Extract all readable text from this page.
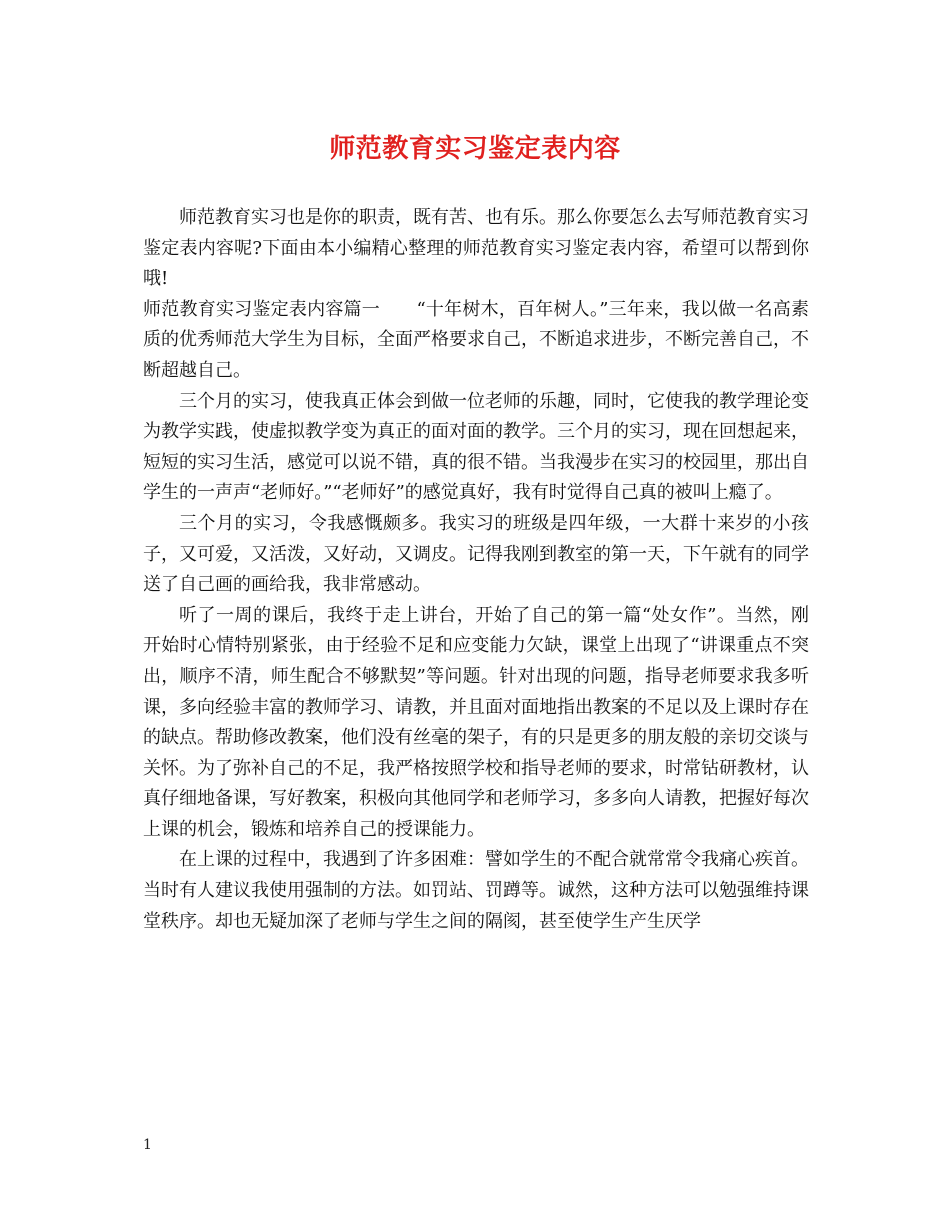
师范教育实习鉴定表内容

师范教育实习也是你的职责，既有苦、也有乐。那么你要怎么去写师范教育实习鉴定表内容呢?下面由本小编精心整理的师范教育实习鉴定表内容，希望可以帮到你哦!

师范教育实习鉴定表内容篇一　　“十年树木，百年树人。”三年来，我以做一名高素质的优秀师范大学生为目标，全面严格要求自己，不断追求进步，不断完善自己，不断超越自己。

三个月的实习，使我真正体会到做一位老师的乐趣，同时，它使我的教学理论变为教学实践，使虚拟教学变为真正的面对面的教学。三个月的实习，现在回想起来，短短的实习生活，感觉可以说不错，真的很不错。当我漫步在实习的校园里，那出自学生的一声声“老师好。”“老师好”的感觉真好，我有时觉得自己真的被叫上瘾了。

三个月的实习，令我感慨颇多。我实习的班级是四年级，一大群十来岁的小孩子，又可爱，又活泼，又好动，又调皮。记得我刚到教室的第一天，下午就有的同学送了自己画的画给我，我非常感动。

听了一周的课后，我终于走上讲台，开始了自己的第一篇“处女作”。当然，刚开始时心情特别紧张，由于经验不足和应变能力欠缺，课堂上出现了“讲课重点不突出，顺序不清，师生配合不够默契”等问题。针对出现的问题，指导老师要求我多听课，多向经验丰富的教师学习、请教，并且面对面地指出教案的不足以及上课时存在的缺点。帮助修改教案，他们没有丝毫的架子，有的只是更多的朋友般的亲切交谈与关怀。为了弥补自己的不足，我严格按照学校和指导老师的要求，时常钻研教材，认真仔细地备课，写好教案，积极向其他同学和老师学习，多多向人请教，把握好每次上课的机会，锻炼和培养自己的授课能力。

在上课的过程中，我遇到了许多困难：譬如学生的不配合就常常令我痛心疾首。当时有人建议我使用强制的方法。如罚站、罚蹲等。诚然，这种方法可以勉强维持课堂秩序。却也无疑加深了老师与学生之间的隔阂，甚至使学生产生厌学

1
